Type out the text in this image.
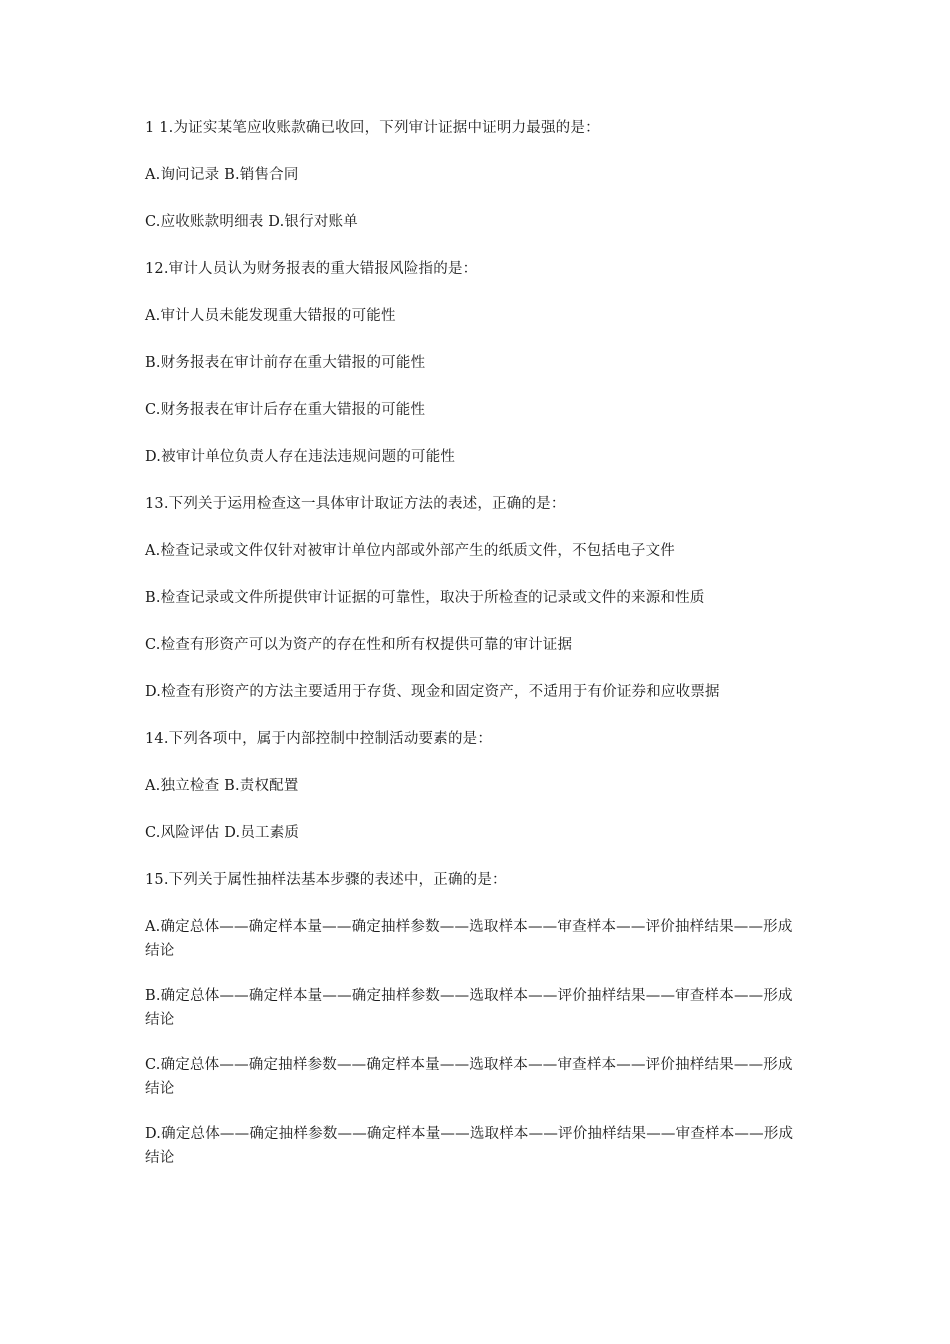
1 1.为证实某笔应收账款确已收回，下列审计证据中证明力最强的是：

A.询问记录 B.销售合同

C.应收账款明细表 D.银行对账单

12.审计人员认为财务报表的重大错报风险指的是：

A.审计人员未能发现重大错报的可能性

B.财务报表在审计前存在重大错报的可能性

C.财务报表在审计后存在重大错报的可能性

D.被审计单位负责人存在违法违规问题的可能性

13.下列关于运用检查这一具体审计取证方法的表述，正确的是：

A.检查记录或文件仅针对被审计单位内部或外部产生的纸质文件，不包括电子文件

B.检查记录或文件所提供审计证据的可靠性，取决于所检查的记录或文件的来源和性质

C.检查有形资产可以为资产的存在性和所有权提供可靠的审计证据

D.检查有形资产的方法主要适用于存货、现金和固定资产，不适用于有价证券和应收票据

14.下列各项中，属于内部控制中控制活动要素的是：

A.独立检查 B.责权配置

C.风险评估 D.员工素质

15.下列关于属性抽样法基本步骤的表述中，正确的是：

A.确定总体——确定样本量——确定抽样参数——选取样本——审查样本——评价抽样结果——形成结论

B.确定总体——确定样本量——确定抽样参数——选取样本——评价抽样结果——审查样本——形成结论

C.确定总体——确定抽样参数——确定样本量——选取样本——审查样本——评价抽样结果——形成结论

D.确定总体——确定抽样参数——确定样本量——选取样本——评价抽样结果——审查样本——形成结论
